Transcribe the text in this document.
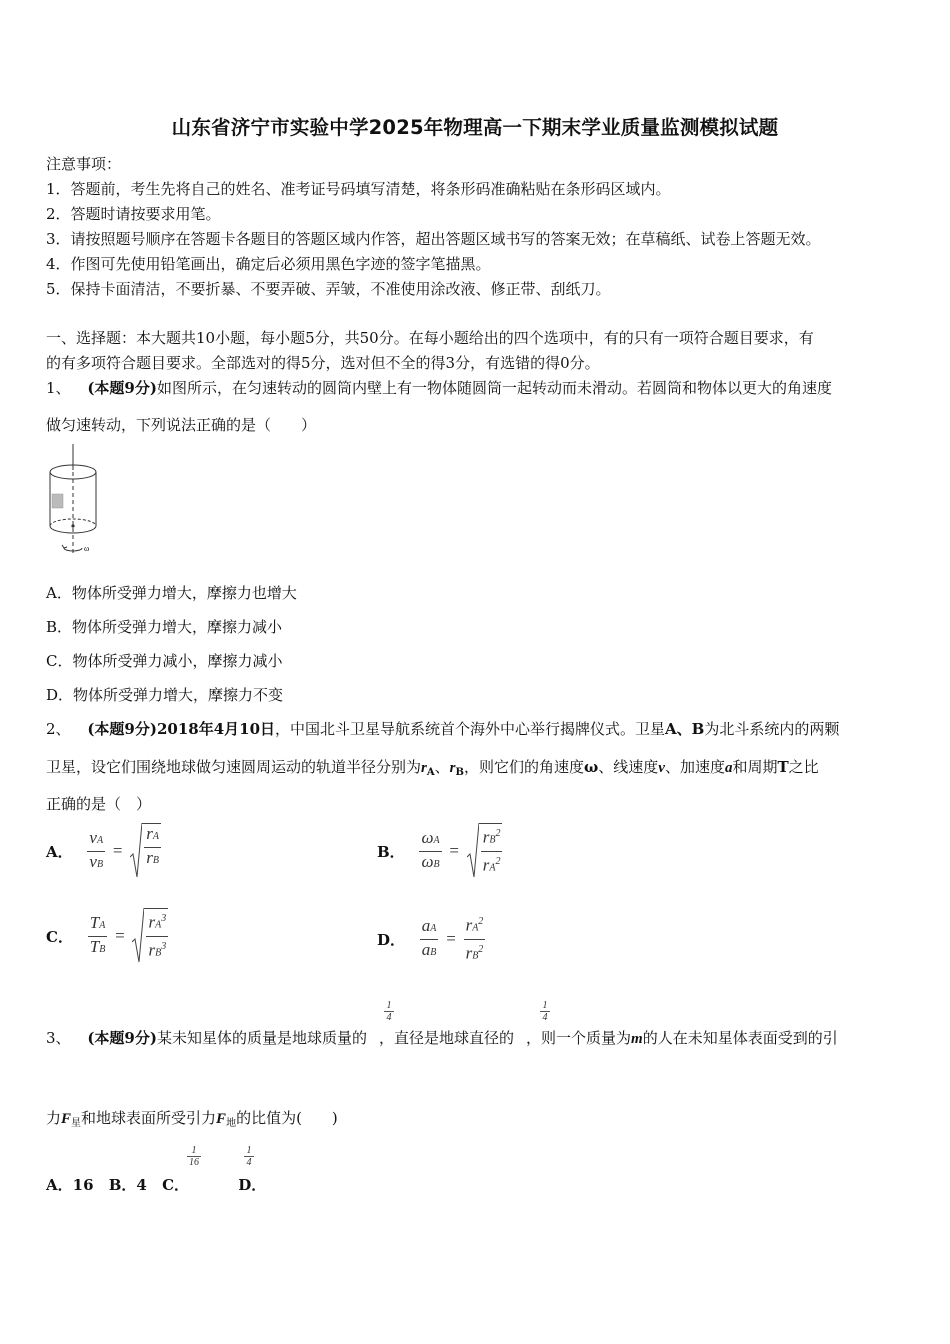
山东省济宁市实验中学2025年物理高一下期末学业质量监测模拟试题
注意事项：
1．答题前，考生先将自己的姓名、准考证号码填写清楚，将条形码准确粘贴在条形码区域内。
2．答题时请按要求用笔。
3．请按照题号顺序在答题卡各题目的答题区域内作答，超出答题区域书写的答案无效；在草稿纸、试卷上答题无效。
4．作图可先使用铅笔画出，确定后必须用黑色字迹的签字笔描黑。
5．保持卡面清洁，不要折暴、不要弄破、弄皱，不准使用涂改液、修正带、刮纸刀。
一、选择题：本大题共10小题，每小题5分，共50分。在每小题给出的四个选项中，有的只有一项符合题目要求，有
的有多项符合题目要求。全部选对的得5分，选对但不全的得3分，有选错的得0分。
1、 (本题9分)如图所示，在匀速转动的圆筒内壁上有一物体随圆筒一起转动而未滑动。若圆筒和物体以更大的角速度
做匀速转动，下列说法正确的是（　　）
ω
A．物体所受弹力增大，摩擦力也增大
B．物体所受弹力增大，摩擦力减小
C．物体所受弹力减小，摩擦力减小
D．物体所受弹力增大，摩擦力不变
2、 (本题9分)2018年4月10日，中国北斗卫星导航系统首个海外中心举行揭牌仪式。卫星A、B为北斗系统内的两颗
卫星，设它们围绕地球做匀速圆周运动的轨道半径分别为$r_A$、$r_B$，则它们的角速度ω、线速度v、加速度a和周期T之比
正确的是（　）
A． $\frac{vA}{vB} = \frac{rA}{rB}$	B． $\frac{\omega A}{\omega B} = \frac{rB^2}{rA^2}$
C． $\frac{TA}{TB} = \frac{rA^3}{rB^3}$	D． $\frac{aA}{aB} = \frac{rA^2}{rB^2}$
3、 (本题9分)某未知星体的质量是地球质量的 ，直径是地球直径的 ，则一个质量为m的人在未知星体表面受到的引
1
4
1
4
力$F_星$和地球表面所受引力$F_地$的比值为(　　)
A．16 B．4 C．	D．
1
16
1
4
